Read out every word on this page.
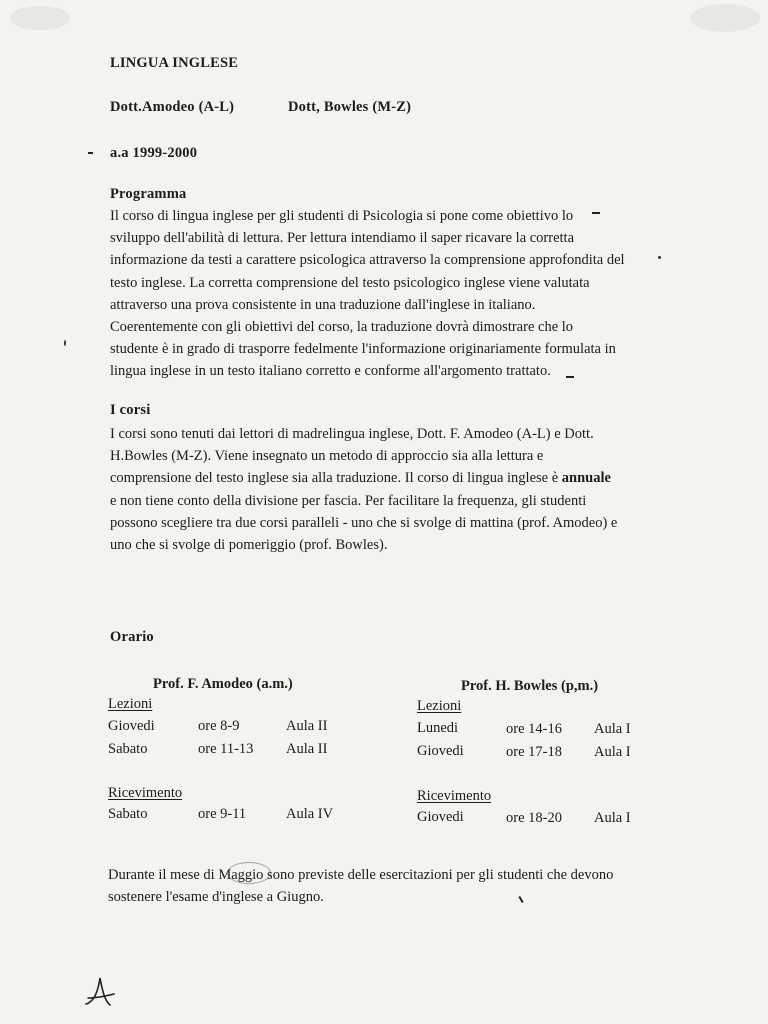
LINGUA INGLESE
Dott.Amodeo (A-L)	Dott, Bowles (M-Z)
a.a 1999-2000
Programma
Il corso di lingua inglese per gli studenti di Psicologia si pone come obiettivo lo
sviluppo dell'abilità di lettura. Per lettura intendiamo il saper ricavare la corretta
informazione da testi a carattere psicologica attraverso la comprensione approfondita del
testo inglese. La corretta comprensione del testo psicologico inglese viene valutata
attraverso una prova consistente in una traduzione dall'inglese in italiano.
Coerentemente con gli obiettivi del corso, la traduzione dovrà dimostrare che lo
studente è in grado di trasporre fedelmente l'informazione originariamente formulata in
lingua inglese in un testo italiano corretto e conforme all'argomento trattato.
I corsi
I corsi sono tenuti dai lettori di madrelingua inglese, Dott. F. Amodeo (A-L) e Dott.
H.Bowles (M-Z). Viene insegnato un metodo di approccio sia alla lettura e
comprensione del testo inglese sia alla traduzione. Il corso di lingua inglese è annuale
e non tiene conto della divisione per fascia. Per facilitare la frequenza, gli studenti
possono scegliere tra due corsi paralleli - uno che si svolge di mattina (prof. Amodeo) e
uno che si svolge di pomeriggio (prof. Bowles).
Orario
Prof. F. Amodeo (a.m.)
Lezioni
Giovedi	ore 8-9	Aula II
Sabato	ore 11-13 Aula II
Ricevimento
Sabato	ore 9-11	Aula IV
Prof. H. Bowles (p,m.)
Lezioni
Lunedi	ore 14-16 Aula I
Giovedi	ore 17-18 Aula I
Ricevimento
Giovedi	ore 18-20 Aula I
Durante il mese di Maggio sono previste delle esercitazioni per gli studenti che devono
sostenere l'esame d'inglese a Giugno.
